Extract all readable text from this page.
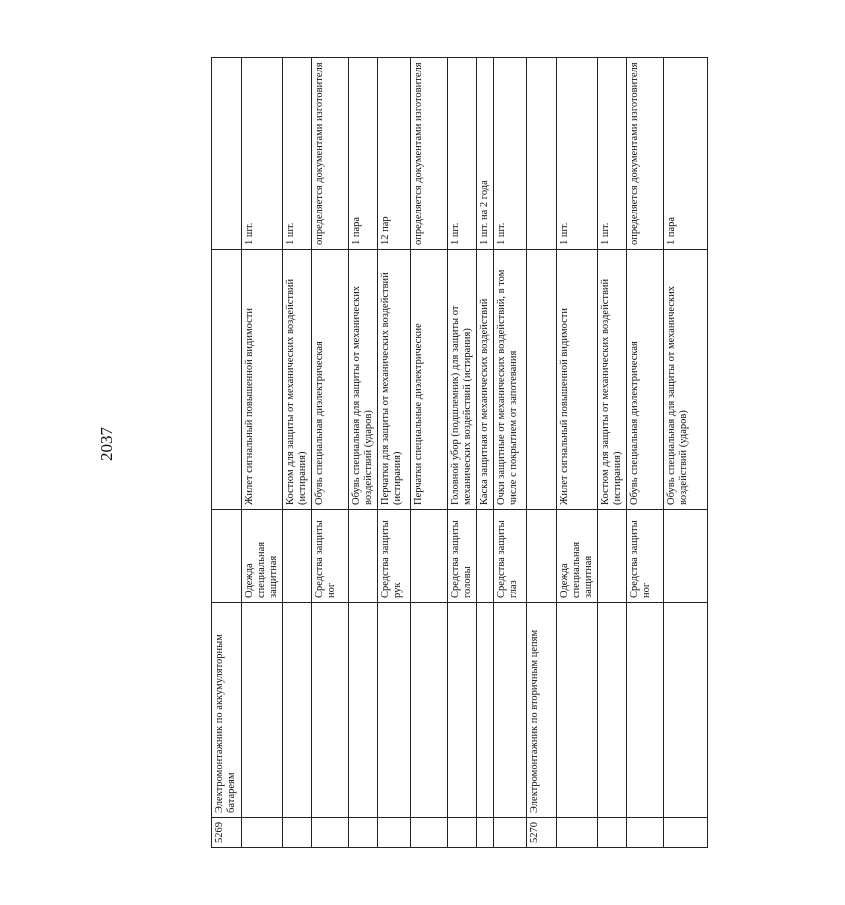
2037
5269	Электромонтажник по аккумуляторным батареям			
		Одежда специальная защитная	Жилет сигнальный повышенной видимости	1 шт.
			Костюм для защиты от механических воздействий (истирания)	1 шт.
		Средства защиты ног	Обувь специальная диэлектрическая	определяется документами изготовителя
			Обувь специальная для защиты от механических воздействий (ударов)	1 пара
		Средства защиты рук	Перчатки для защиты от механических воздействий (истирания)	12 пар
			Перчатки специальные диэлектрические	определяется документами изготовителя
		Средства защиты головы	Головной убор (подшлемник) для защиты от механических воздействий (истирания)	1 шт.
			Каска защитная от механических воздействий	1 шт. на 2 года
		Средства защиты глаз	Очки защитные от механических воздействий, в том числе с покрытием от запотевания	1 шт.
5270	Электромонтажник по вторичным цепям			
		Одежда специальная защитная	Жилет сигнальный повышенной видимости	1 шт.
			Костюм для защиты от механических воздействий (истирания)	1 шт.
		Средства защиты ног	Обувь специальная диэлектрическая	определяется документами изготовителя
			Обувь специальная для защиты от механических воздействий (ударов)	1 пара
